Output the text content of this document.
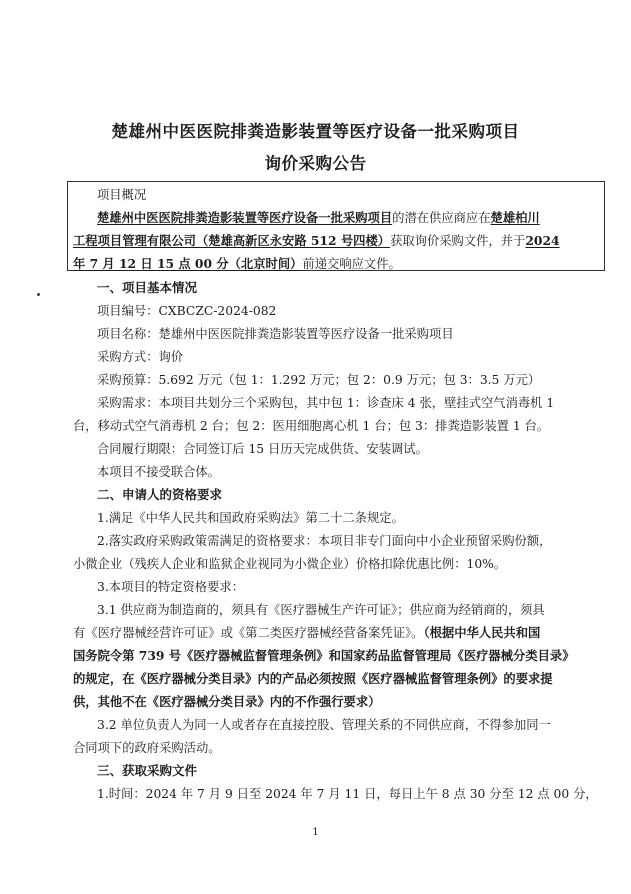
楚雄州中医医院排粪造影装置等医疗设备一批采购项目
询价采购公告
项目概况
楚雄州中医医院排粪造影装置等医疗设备一批采购项目的潜在供应商应在楚雄柏川
工程项目管理有限公司（楚雄高新区永安路 512 号四楼）获取询价采购文件，并于2024
年 7 月 12 日 15 点 00 分（北京时间）前递交响应文件。
一、项目基本情况
项目编号：CXBCZC-2024-082
项目名称：楚雄州中医医院排粪造影装置等医疗设备一批采购项目
采购方式：询价
采购预算：5.692 万元（包 1：1.292 万元；包 2：0.9 万元；包 3：3.5 万元）
采购需求：本项目共划分三个采购包，其中包 1：诊查床 4 张，壁挂式空气消毒机 1
台，移动式空气消毒机 2 台；包 2：医用细胞离心机 1 台；包 3：排粪造影装置 1 台。
合同履行期限：合同签订后 15 日历天完成供货、安装调试。
本项目不接受联合体。
二、申请人的资格要求
1.满足《中华人民共和国政府采购法》第二十二条规定。
2.落实政府采购政策需满足的资格要求：本项目非专门面向中小企业预留采购份额，
小微企业（残疾人企业和监狱企业视同为小微企业）价格扣除优惠比例：10%。
3.本项目的特定资格要求：
3.1 供应商为制造商的，须具有《医疗器械生产许可证》；供应商为经销商的，须具
有《医疗器械经营许可证》或《第二类医疗器械经营备案凭证》。（根据中华人民共和国
国务院令第 739 号《医疗器械监督管理条例》和国家药品监督管理局《医疗器械分类目录》
的规定，在《医疗器械分类目录》内的产品必须按照《医疗器械监督管理条例》的要求提
供，其他不在《医疗器械分类目录》内的不作强行要求）
3.2 单位负责人为同一人或者存在直接控股、管理关系的不同供应商，不得参加同一
合同项下的政府采购活动。
三、获取采购文件
1.时间：2024 年 7 月 9 日至 2024 年 7 月 11 日，每日上午 8 点 30 分至 12 点 00 分，
1
